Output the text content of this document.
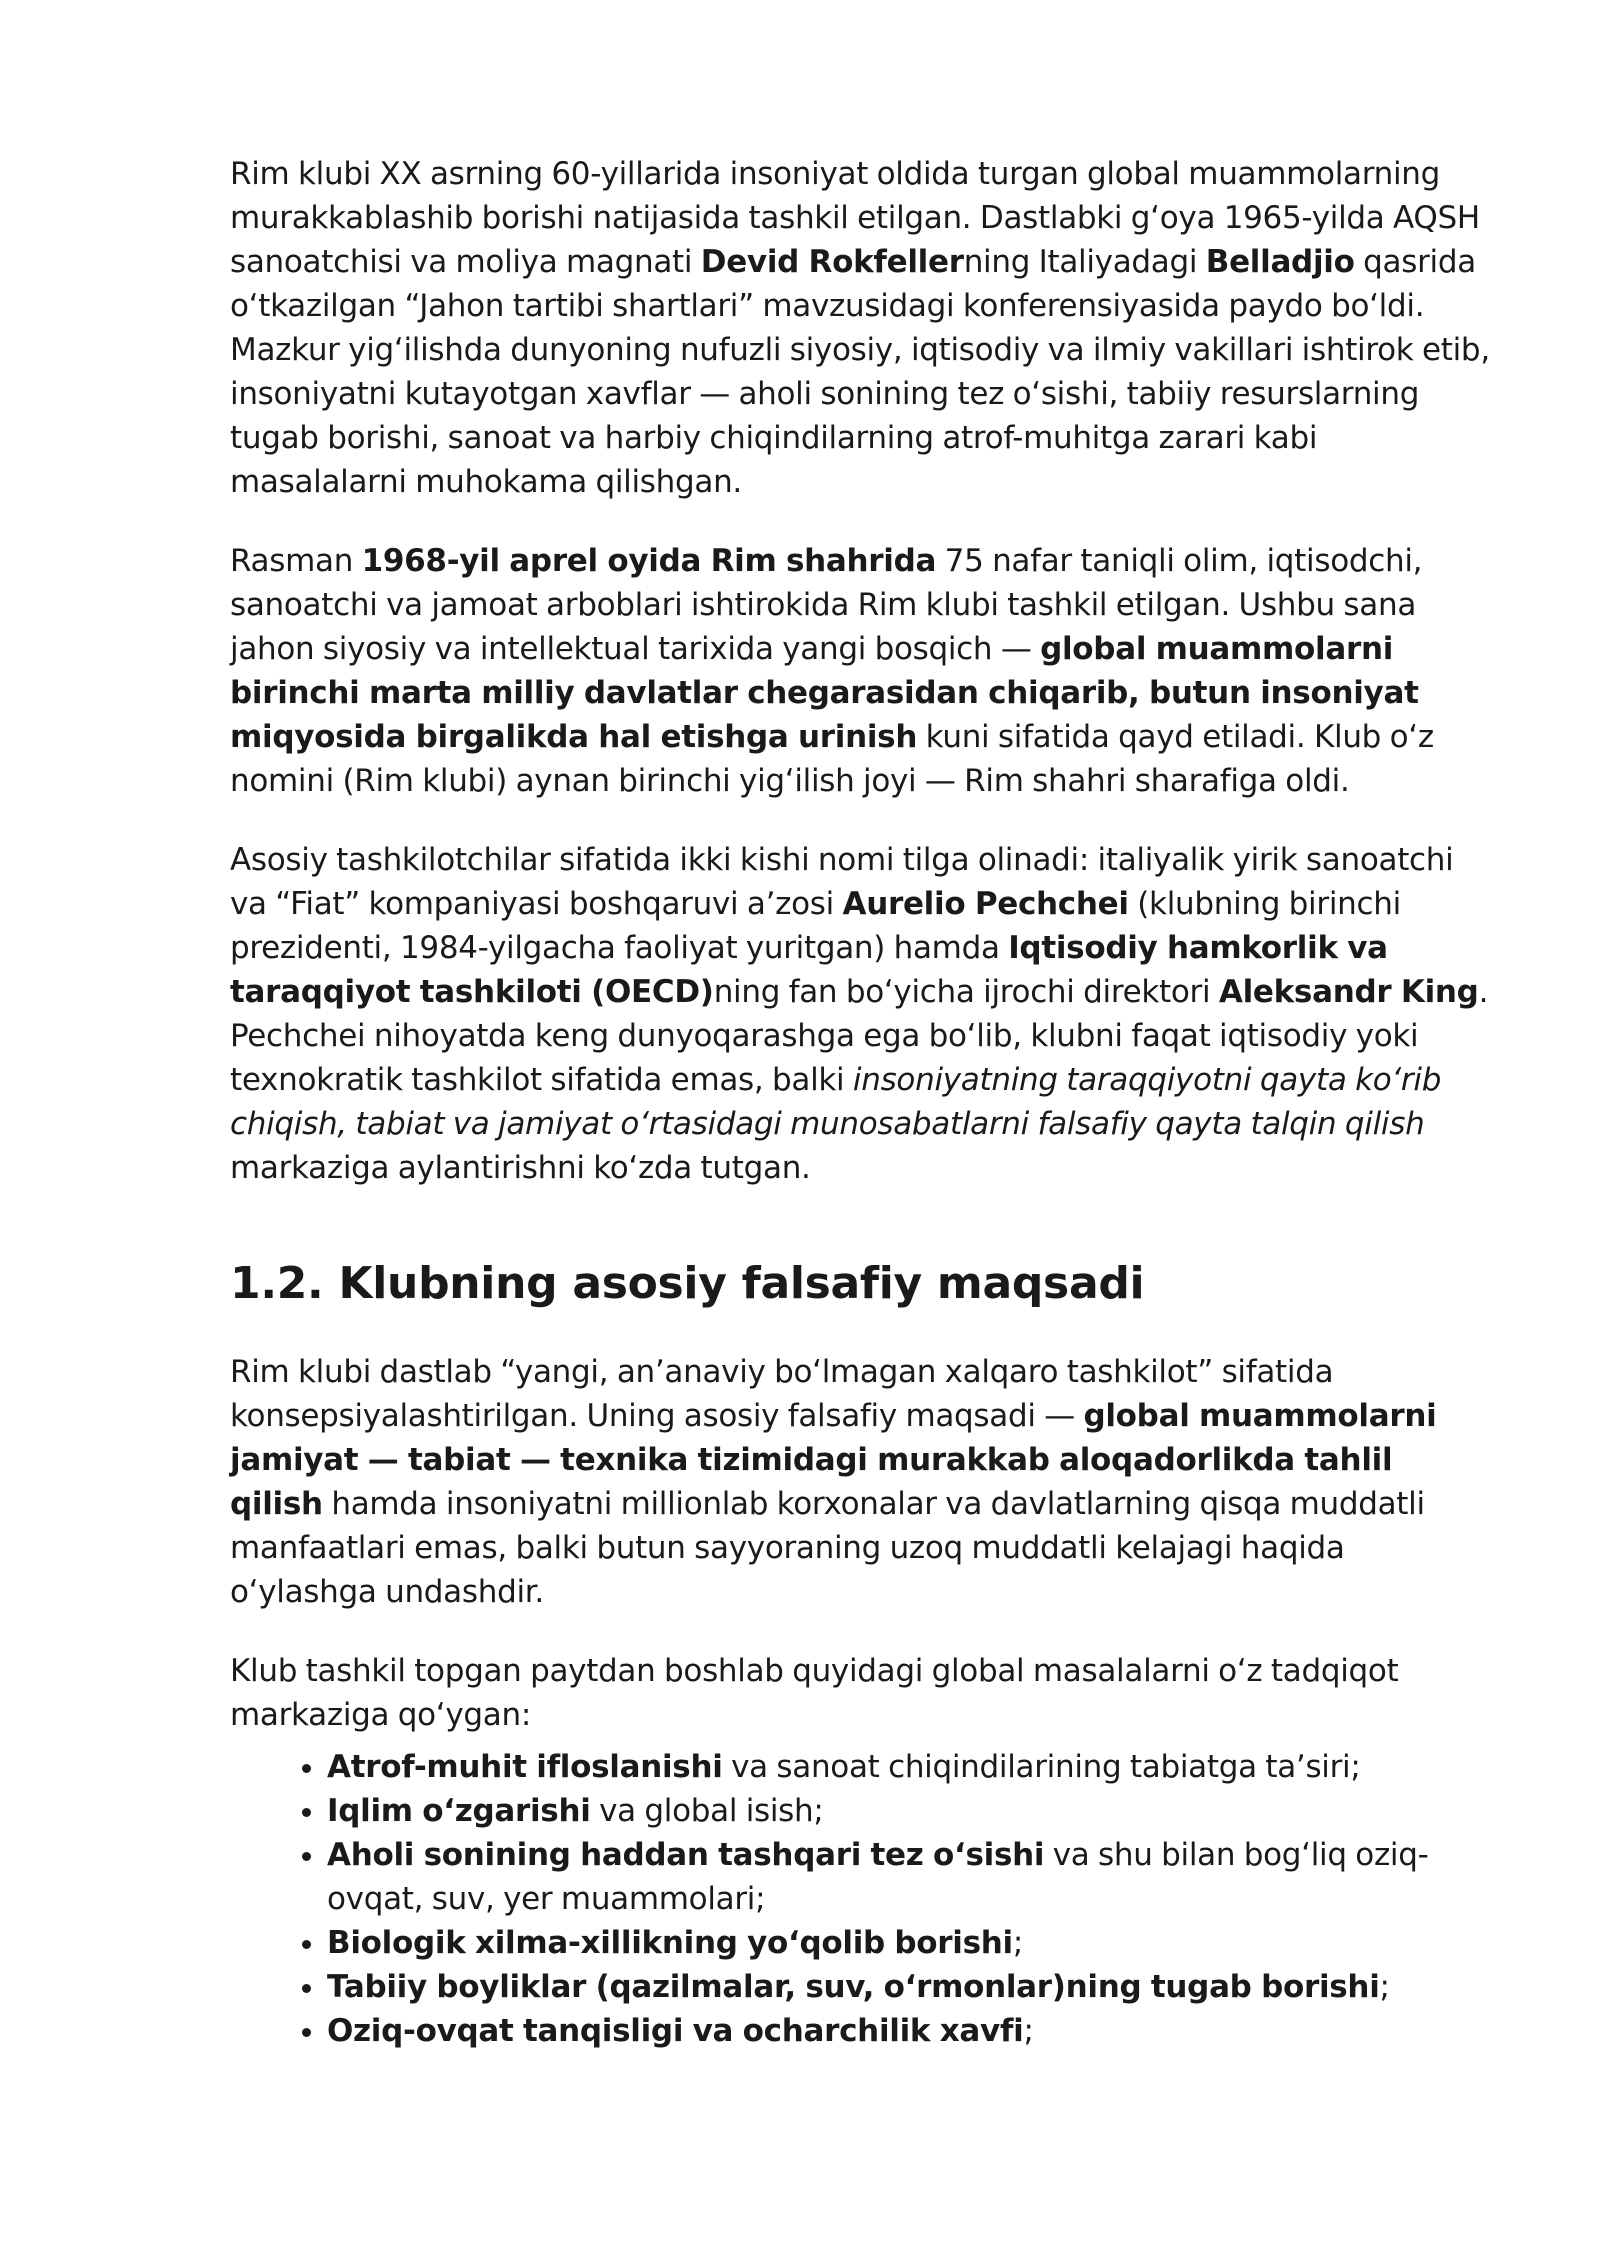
Rim klubi XX asrning 60-yillarida insoniyat oldida turgan global muammolarning murakkablashib borishi natijasida tashkil etilgan. Dastlabki g‘oya 1965-yilda AQSH sanoatchisi va moliya magnati Devid Rokfellerning Italiyadagi Belladjio qasrida o‘tkazilgan “Jahon tartibi shartlari” mavzusidagi konferensiyasida paydo bo‘ldi. Mazkur yig‘ilishda dunyoning nufuzli siyosiy, iqtisodiy va ilmiy vakillari ishtirok etib, insoniyatni kutayotgan xavflar — aholi sonining tez o‘sishi, tabiiy resurslarning tugab borishi, sanoat va harbiy chiqindilarning atrof-muhitga zarari kabi masalalarni muhokama qilishgan.

Rasman 1968-yil aprel oyida Rim shahrida 75 nafar taniqli olim, iqtisodchi, sanoatchi va jamoat arboblari ishtirokida Rim klubi tashkil etilgan. Ushbu sana jahon siyosiy va intellektual tarixida yangi bosqich — global muammolarni birinchi marta milliy davlatlar chegarasidan chiqarib, butun insoniyat miqyosida birgalikda hal etishga urinish kuni sifatida qayd etiladi. Klub o‘z nomini (Rim klubi) aynan birinchi yig‘ilish joyi — Rim shahri sharafiga oldi.

Asosiy tashkilotchilar sifatida ikki kishi nomi tilga olinadi: italiyalik yirik sanoatchi va “Fiat” kompaniyasi boshqaruvi a’zosi Aurelio Pechchei (klubning birinchi prezidenti, 1984-yilgacha faoliyat yuritgan) hamda Iqtisodiy hamkorlik va taraqqiyot tashkiloti (OECD)ning fan bo‘yicha ijrochi direktori Aleksandr King. Pechchei nihoyatda keng dunyoqarashga ega bo‘lib, klubni faqat iqtisodiy yoki texnokratik tashkilot sifatida emas, balki insoniyatning taraqqiyotni qayta ko‘rib chiqish, tabiat va jamiyat o‘rtasidagi munosabatlarni falsafiy qayta talqin qilish markaziga aylantirishni ko‘zda tutgan.

1.2. Klubning asosiy falsafiy maqsadi

Rim klubi dastlab “yangi, an’anaviy bo‘lmagan xalqaro tashkilot” sifatida konsepsiyalashtirilgan. Uning asosiy falsafiy maqsadi — global muammolarni jamiyat — tabiat — texnika tizimidagi murakkab aloqadorlikda tahlil qilish hamda insoniyatni millionlab korxonalar va davlatlarning qisqa muddatli manfaatlari emas, balki butun sayyoraning uzoq muddatli kelajagi haqida o‘ylashga undashdir.

Klub tashkil topgan paytdan boshlab quyidagi global masalalarni o‘z tadqiqot markaziga qo‘ygan:

• Atrof-muhit ifloslanishi va sanoat chiqindilarining tabiatga ta’siri;
• Iqlim o‘zgarishi va global isish;
• Aholi sonining haddan tashqari tez o‘sishi va shu bilan bog‘liq oziq-ovqat, suv, yer muammolari;
• Biologik xilma-xillikning yo‘qolib borishi;
• Tabiiy boyliklar (qazilmalar, suv, o‘rmonlar)ning tugab borishi;
• Oziq-ovqat tanqisligi va ocharchilik xavfi;
